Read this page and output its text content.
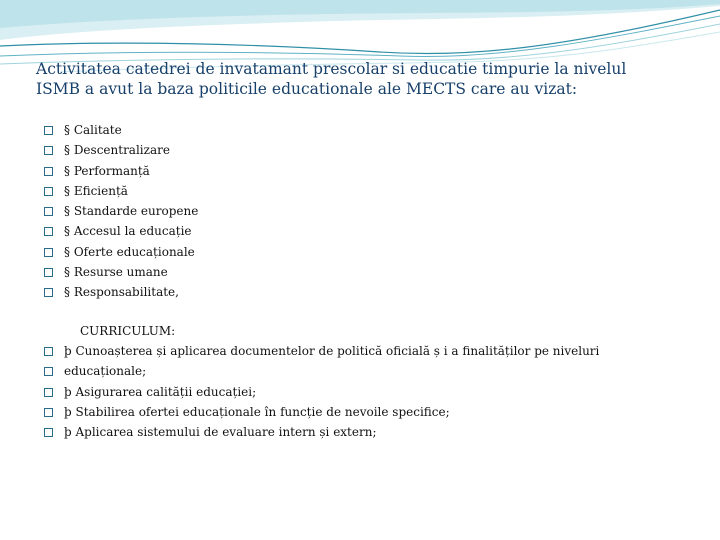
Activitatea catedrei de invatamant prescolar si educatie timpurie la nivelul
ISMB a avut la baza politicile educationale ale MECTS care au vizat:
§ Calitate
§ Descentralizare
§ Performanță
§ Eficiență
§ Standarde europene
§ Accesul la educație
§ Oferte educaționale
§ Resurse umane
§ Responsabilitate,
CURRICULUM:
þ Cunoașterea și aplicarea documentelor de politică oficială ș i a finalităților pe niveluri
educaționale;
þ Asigurarea calității educației;
þ Stabilirea ofertei educaționale în funcție de nevoile specifice;
þ Aplicarea sistemului de evaluare intern și extern;
